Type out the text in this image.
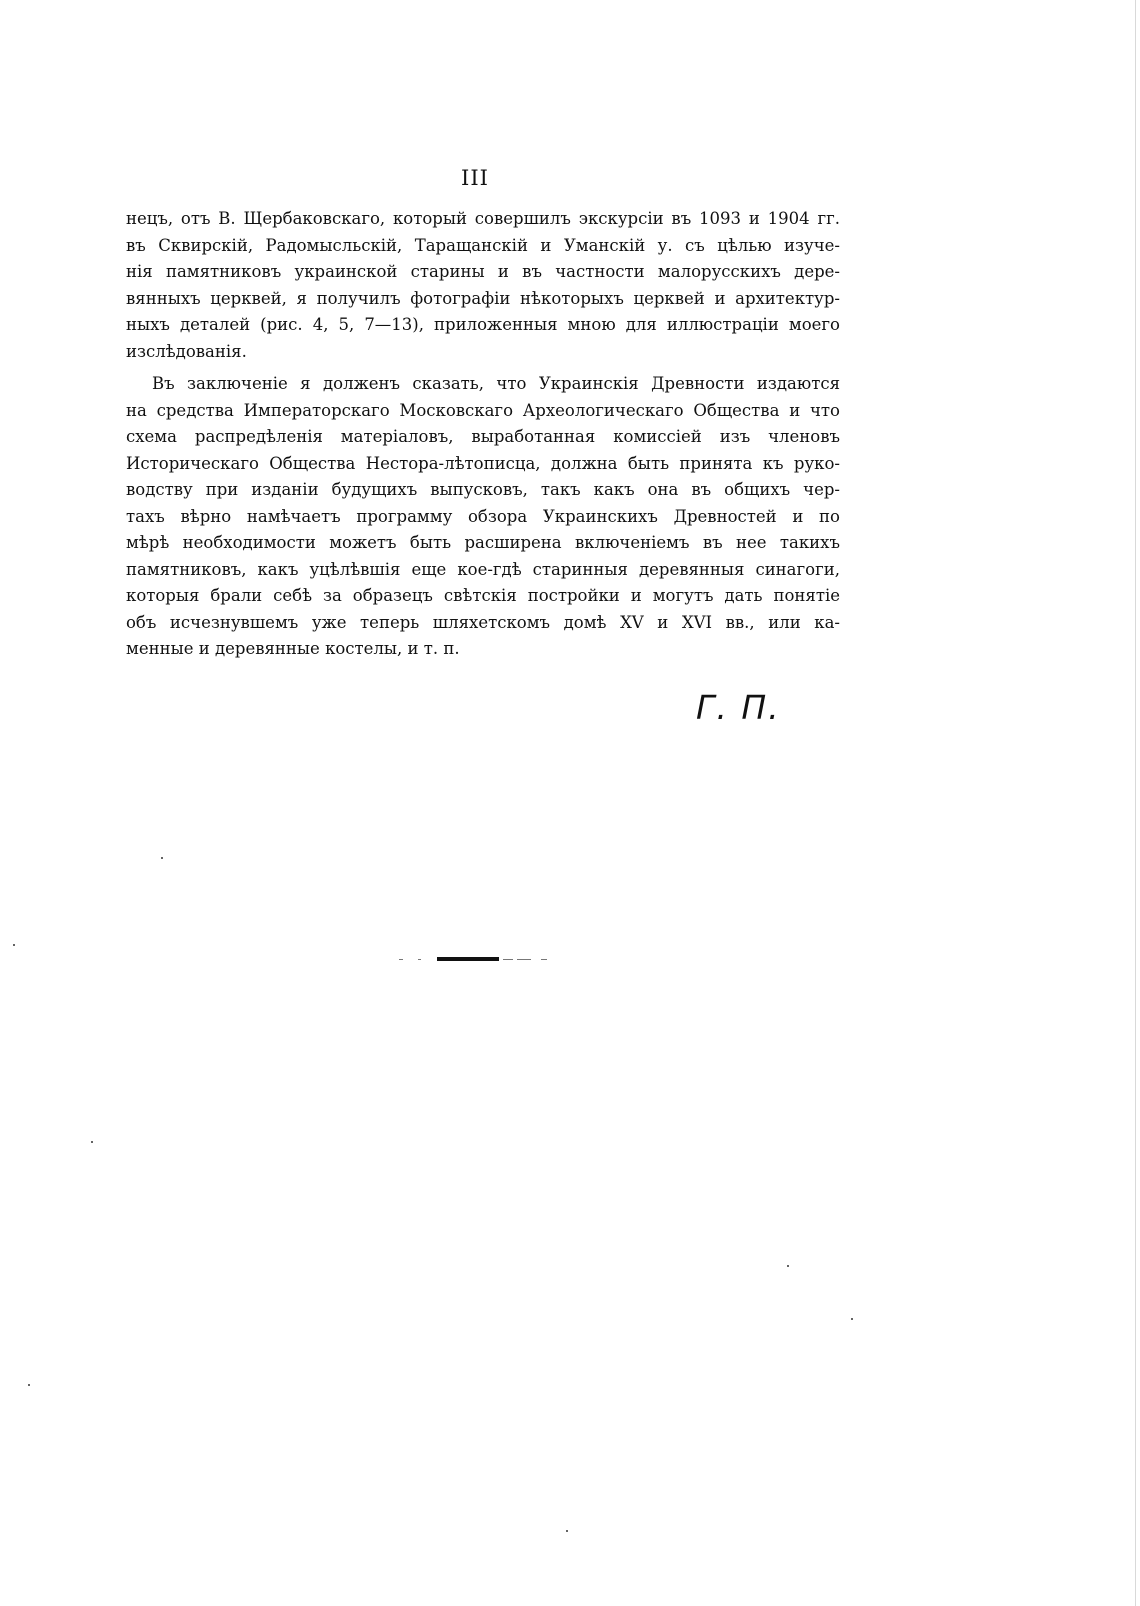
III
нецъ, отъ В. Щербаковскаго, который совершилъ экскурсіи въ 1093 и 1904 гг.
въ Сквирскій, Радомысльскій, Таращанскій и Уманскій у. съ цѣлью изуче-
нія памятниковъ украинской старины и въ частности малорусскихъ дере-
вянныхъ церквей, я получилъ фотографіи нѣкоторыхъ церквей и архитектур-
ныхъ деталей (рис. 4, 5, 7—13), приложенныя мною для иллюстраціи моего
изслѣдованія.
Въ заключеніе я долженъ сказать, что Украинскія Древности издаются
на средства Императорскаго Московскаго Археологическаго Общества и что
схема распредѣленія матеріаловъ, выработанная комиссіей изъ членовъ
Историческаго Общества Нестора-лѣтописца, должна быть принята къ руко-
водству при изданіи будущихъ выпусковъ, такъ какъ она въ общихъ чер-
тахъ вѣрно намѣчаетъ программу обзора Украинскихъ Древностей и по
мѣрѣ необходимости можетъ быть расширена включеніемъ въ нее такихъ
памятниковъ, какъ уцѣлѣвшія еще кое-гдѣ старинныя деревянныя синагоги,
которыя брали себѣ за образецъ свѣтскія постройки и могутъ дать понятіе
объ исчезнувшемъ уже теперь шляхетскомъ домѣ XV и XVI вв., или ка-
менные и деревянные костелы, и т. п.
Г. П.
